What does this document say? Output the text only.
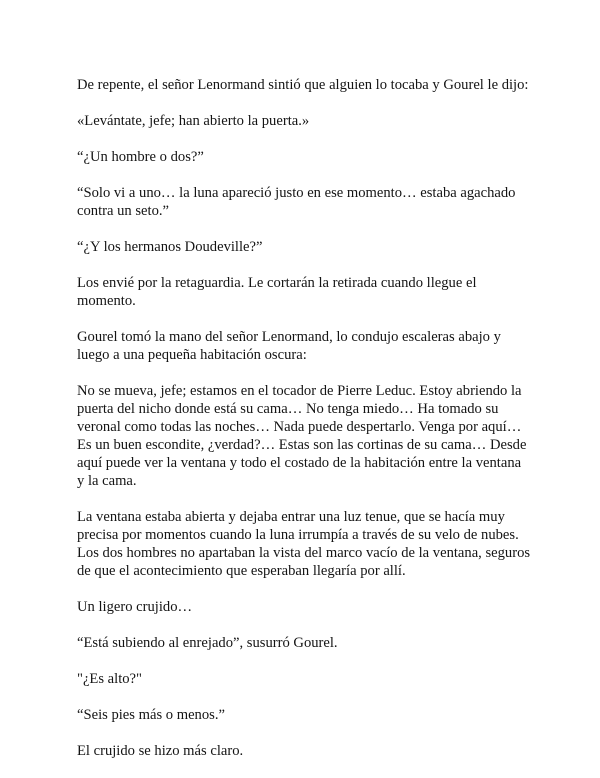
De repente, el señor Lenormand sintió que alguien lo tocaba y Gourel le dijo:

«Levántate, jefe; han abierto la puerta.»

“¿Un hombre o dos?”

“Solo vi a uno… la luna apareció justo en ese momento… estaba agachado contra un seto.”

“¿Y los hermanos Doudeville?”

Los envié por la retaguardia. Le cortarán la retirada cuando llegue el momento.

Gourel tomó la mano del señor Lenormand, lo condujo escaleras abajo y luego a una pequeña habitación oscura:

No se mueva, jefe; estamos en el tocador de Pierre Leduc. Estoy abriendo la puerta del nicho donde está su cama… No tenga miedo… Ha tomado su veronal como todas las noches… Nada puede despertarlo. Venga por aquí… Es un buen escondite, ¿verdad?… Estas son las cortinas de su cama… Desde aquí puede ver la ventana y todo el costado de la habitación entre la ventana y la cama.

La ventana estaba abierta y dejaba entrar una luz tenue, que se hacía muy precisa por momentos cuando la luna irrumpía a través de su velo de nubes. Los dos hombres no apartaban la vista del marco vacío de la ventana, seguros de que el acontecimiento que esperaban llegaría por allí.

Un ligero crujido…

“Está subiendo al enrejado”, susurró Gourel.

"¿Es alto?"

“Seis pies más o menos.”

El crujido se hizo más claro.
